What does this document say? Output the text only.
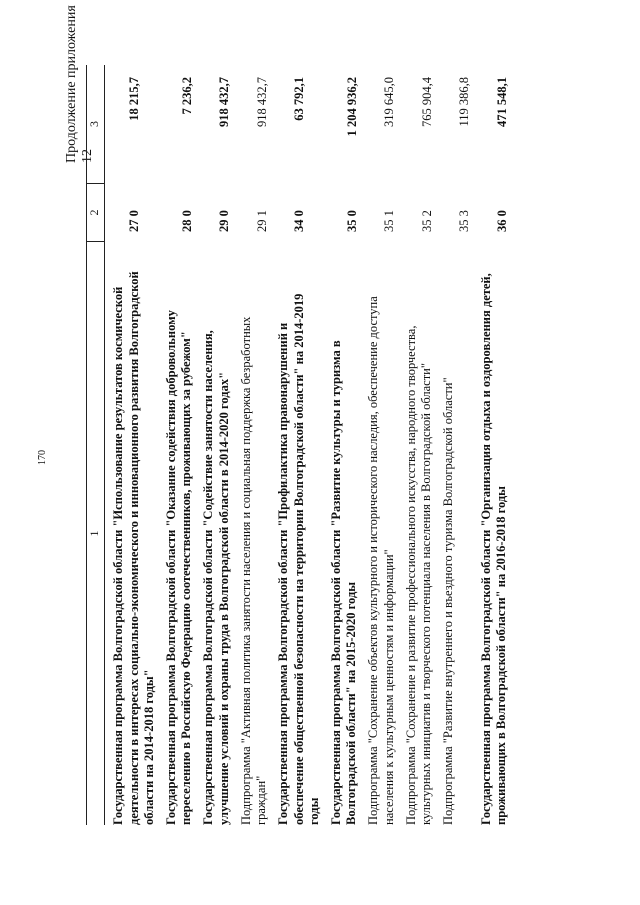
170
Продолжение приложения 12
1
2
3
Государственная программа Волгоградской области "Использование результатов космической деятельности в интересах социально-экономического и инновационного развития Волгоградской области на 2014-2018 годы"
27 0
18 215,7
Государственная программа Волгоградской области "Оказание содействия добровольному переселению в Российскую Федерацию соотечественников, проживающих за рубежом"
28 0
7 236,2
Государственная программа Волгоградской области "Содействие занятости населения, улучшение условий и охраны труда в Волгоградской области в 2014-2020 годах"
29 0
918 432,7
Подпрограмма "Активная политика занятости населения и социальная поддержка безработных граждан"
29 1
918 432,7
Государственная программа Волгоградской области "Профилактика правонарушений и обеспечение общественной безопасности на территории Волгоградской области" на 2014-2019 годы
34 0
63 792,1
Государственная программа Волгоградской области "Развитие культуры и туризма в Волгоградской области" на 2015-2020 годы
35 0
1 204 936,2
Подпрограмма "Сохранение объектов культурного и исторического наследия, обеспечение доступа населения к культурным ценностям и информации"
35 1
319 645,0
Подпрограмма "Сохранение и развитие профессионального искусства, народного творчества, культурных инициатив и творческого потенциала населения в Волгоградской области"
35 2
765 904,4
Подпрограмма "Развитие внутреннего и въездного туризма Волгоградской области"
35 3
119 386,8
Государственная программа Волгоградской области "Организация отдыха и оздоровления детей, проживающих в Волгоградской области" на 2016-2018 годы
36 0
471 548,1
